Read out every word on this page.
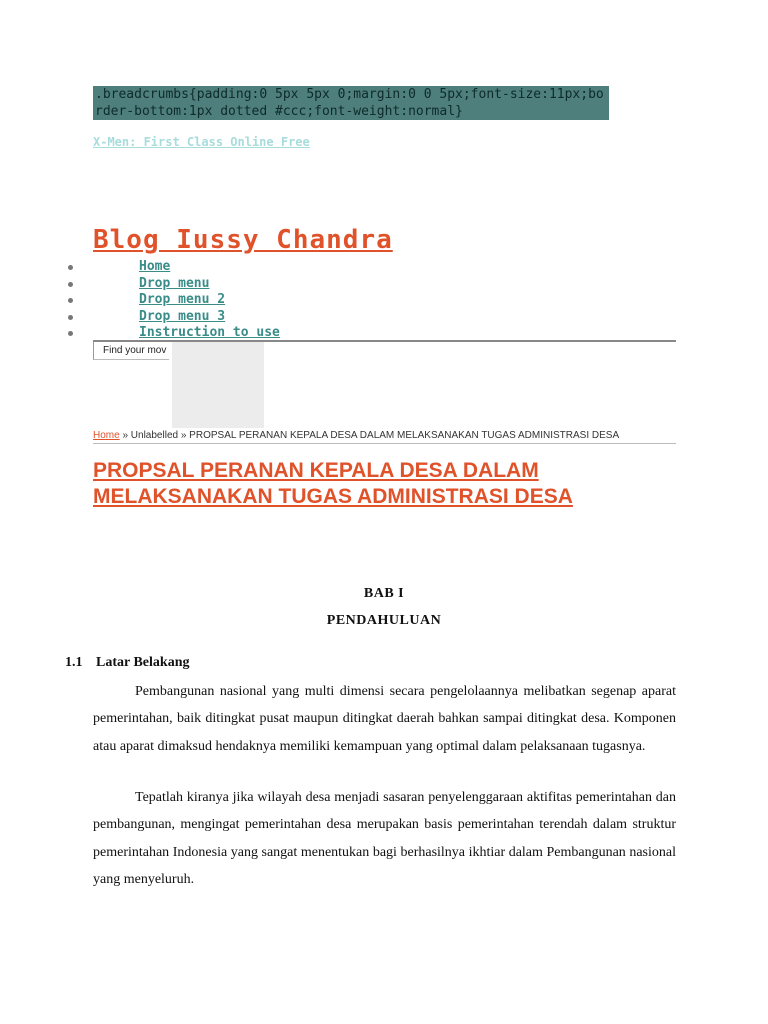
.breadcrumbs{padding:0 5px 5px 0;margin:0 0 5px;font-size:11px;border-bottom:1px dotted #ccc;font-weight:normal}
X-Men: First Class Online Free
Blog Iussy Chandra
Home
Drop menu
Drop menu 2
Drop menu 3
Instruction to use
Find your mov
Home » Unlabelled » PROPSAL PERANAN KEPALA DESA DALAM MELAKSANAKAN TUGAS ADMINISTRASI DESA
PROPSAL PERANAN KEPALA DESA DALAM
MELAKSANAKAN TUGAS ADMINISTRASI DESA
BAB I
PENDAHULUAN
1.1 Latar Belakang

Pembangunan nasional yang multi dimensi secara pengelolaannya melibatkan segenap aparat pemerintahan, baik ditingkat pusat maupun ditingkat daerah bahkan sampai ditingkat desa. Komponen atau aparat dimaksud hendaknya memiliki kemampuan yang optimal dalam pelaksanaan tugasnya.

Tepatlah kiranya jika wilayah desa menjadi sasaran penyelenggaraan aktifitas pemerintahan dan pembangunan, mengingat pemerintahan desa merupakan basis pemerintahan terendah dalam struktur pemerintahan Indonesia yang sangat menentukan bagi berhasilnya ikhtiar dalam Pembangunan nasional yang menyeluruh.
